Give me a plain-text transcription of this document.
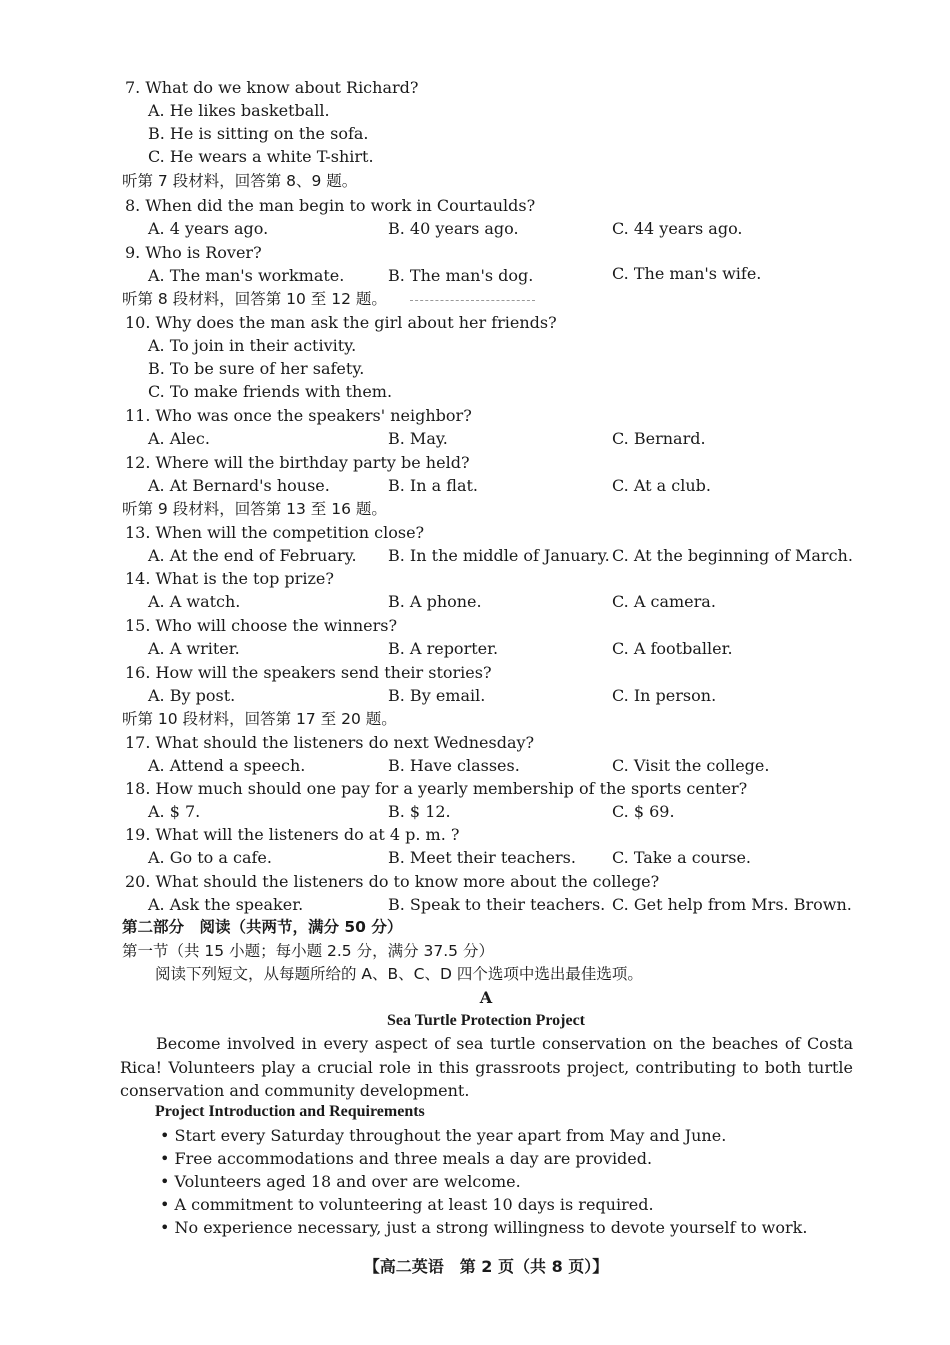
7. What do we know about Richard?
A. He likes basketball.
B. He is sitting on the sofa.
C. He wears a white T-shirt.
听第 7 段材料，回答第 8、9 题。
8. When did the man begin to work in Courtaulds?
A. 4 years ago.	B. 40 years ago.	C. 44 years ago.
9. Who is Rover?
A. The man's workmate.	B. The man's dog.	C. The man's wife.
听第 8 段材料，回答第 10 至 12 题。
10. Why does the man ask the girl about her friends?
A. To join in their activity.
B. To be sure of her safety.
C. To make friends with them.
11. Who was once the speakers' neighbor?
A. Alec.	B. May.	C. Bernard.
12. Where will the birthday party be held?
A. At Bernard's house.	B. In a flat.	C. At a club.
听第 9 段材料，回答第 13 至 16 题。
13. When will the competition close?
A. At the end of February. B. In the middle of January. C. At the beginning of March.
14. What is the top prize?
A. A watch.	B. A phone.	C. A camera.
15. Who will choose the winners?
A. A writer.	B. A reporter.	C. A footballer.
16. How will the speakers send their stories?
A. By post.	B. By email.	C. In person.
听第 10 段材料，回答第 17 至 20 题。
17. What should the listeners do next Wednesday?
A. Attend a speech.	B. Have classes.	C. Visit the college.
18. How much should one pay for a yearly membership of the sports center?
A. $ 7.	B. $ 12.	C. $ 69.
19. What will the listeners do at 4 p. m. ?
A. Go to a cafe.	B. Meet their teachers. C. Take a course.
20. What should the listeners do to know more about the college?
A. Ask the speaker.	B. Speak to their teachers. C. Get help from Mrs. Brown.
第二部分　阅读（共两节，满分 50 分）
第一节（共 15 小题；每小题 2.5 分，满分 37.5 分）
阅读下列短文，从每题所给的 A、B、C、D 四个选项中选出最佳选项。
A
Sea Turtle Protection Project
Become involved in every aspect of sea turtle conservation on the beaches of Costa Rica! Volunteers play a crucial role in this grassroots project, contributing to both turtle conservation and community development.
Project Introduction and Requirements
• Start every Saturday throughout the year apart from May and June.
• Free accommodations and three meals a day are provided.
• Volunteers aged 18 and over are welcome.
• A commitment to volunteering at least 10 days is required.
• No experience necessary, just a strong willingness to devote yourself to work.
【高二英语　第 2 页（共 8 页）】
